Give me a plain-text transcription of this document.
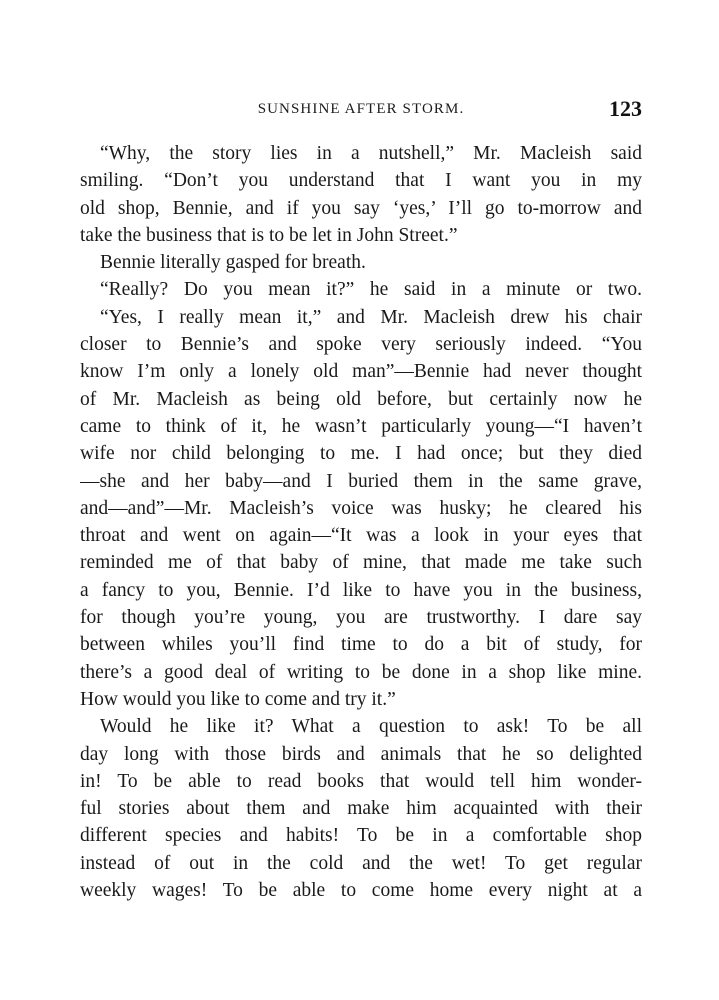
SUNSHINE AFTER STORM.	123
“Why, the story lies in a nutshell,” Mr. Macleish said
smiling. “Don’t you understand that I want you in my
old shop, Bennie, and if you say ‘yes,’ I’ll go to-morrow and
take the business that is to be let in John Street.”
Bennie literally gasped for breath.
“Really? Do you mean it?” he said in a minute or two.
“Yes, I really mean it,” and Mr. Macleish drew his chair
closer to Bennie’s and spoke very seriously indeed. “You
know I’m only a lonely old man”—Bennie had never thought
of Mr. Macleish as being old before, but certainly now he
came to think of it, he wasn’t particularly young—“I haven’t
wife nor child belonging to me. I had once; but they died
—she and her baby—and I buried them in the same grave,
and—and”—Mr. Macleish’s voice was husky; he cleared his
throat and went on again—“It was a look in your eyes that
reminded me of that baby of mine, that made me take such
a fancy to you, Bennie. I’d like to have you in the business,
for though you’re young, you are trustworthy. I dare say
between whiles you’ll find time to do a bit of study, for
there’s a good deal of writing to be done in a shop like mine.
How would you like to come and try it.”
Would he like it? What a question to ask! To be all
day long with those birds and animals that he so delighted
in! To be able to read books that would tell him wonder-
ful stories about them and make him acquainted with their
different species and habits! To be in a comfortable shop
instead of out in the cold and the wet! To get regular
weekly wages! To be able to come home every night at a
